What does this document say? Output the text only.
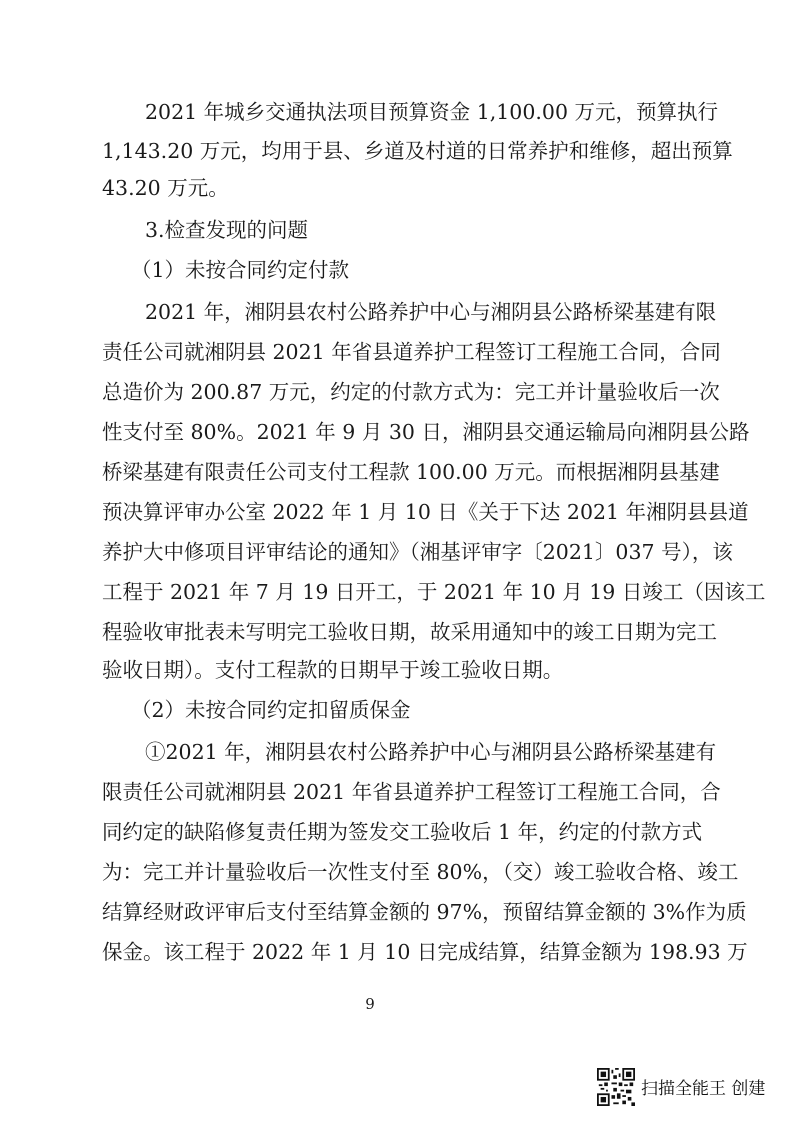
2021 年城乡交通执法项目预算资金 1,100.00 万元，预算执行
1,143.20 万元，均用于县、乡道及村道的日常养护和维修，超出预算
43.20 万元。
3.检查发现的问题
（1）未按合同约定付款
2021 年，湘阴县农村公路养护中心与湘阴县公路桥梁基建有限
责任公司就湘阴县 2021 年省县道养护工程签订工程施工合同，合同
总造价为 200.87 万元，约定的付款方式为：完工并计量验收后一次
性支付至 80%。2021 年 9 月 30 日，湘阴县交通运输局向湘阴县公路
桥梁基建有限责任公司支付工程款 100.00 万元。而根据湘阴县基建
预决算评审办公室 2022 年 1 月 10 日《关于下达 2021 年湘阴县县道
养护大中修项目评审结论的通知》（湘基评审字〔2021〕037 号），该
工程于 2021 年 7 月 19 日开工，于 2021 年 10 月 19 日竣工（因该工
程验收审批表未写明完工验收日期，故采用通知中的竣工日期为完工
验收日期）。支付工程款的日期早于竣工验收日期。
（2）未按合同约定扣留质保金
①2021 年，湘阴县农村公路养护中心与湘阴县公路桥梁基建有
限责任公司就湘阴县 2021 年省县道养护工程签订工程施工合同，合
同约定的缺陷修复责任期为签发交工验收后 1 年，约定的付款方式
为：完工并计量验收后一次性支付至 80%，（交）竣工验收合格、竣工
结算经财政评审后支付至结算金额的 97%，预留结算金额的 3%作为质
保金。该工程于 2022 年 1 月 10 日完成结算，结算金额为 198.93 万
9
扫描全能王 创建
